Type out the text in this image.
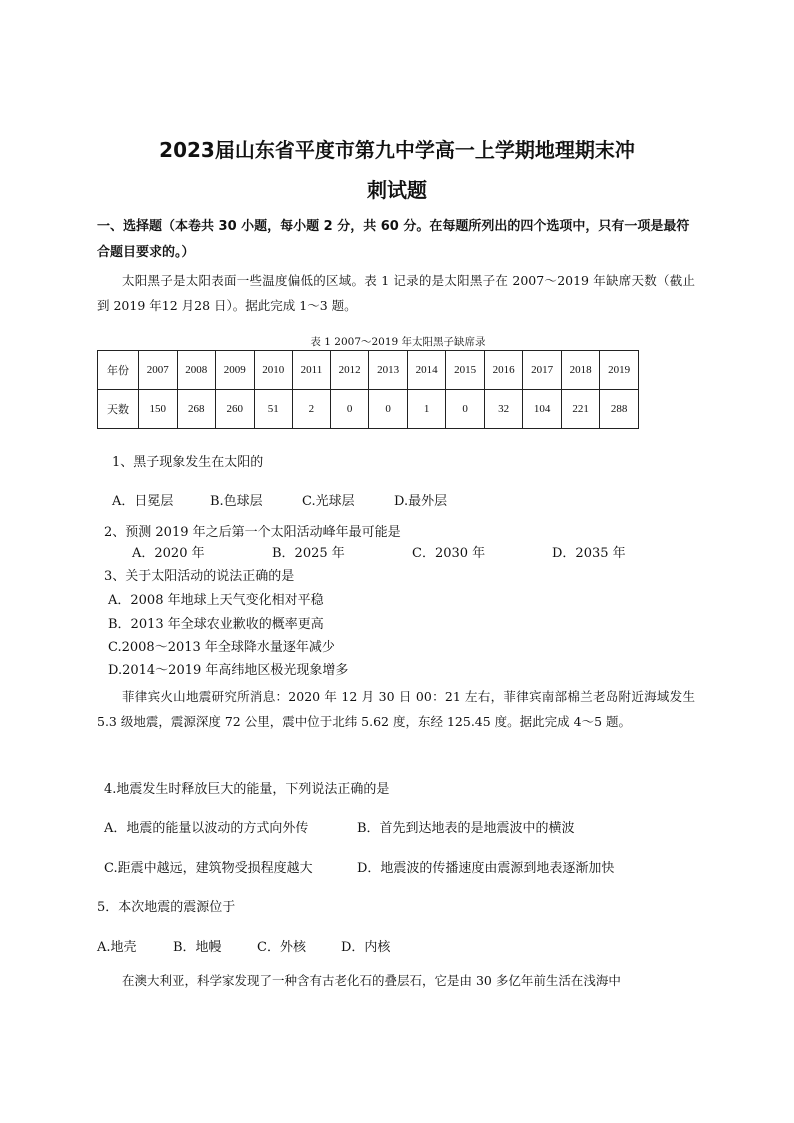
2023届山东省平度市第九中学高一上学期地理期末冲
刺试题
一、选择题（本卷共 30 小题，每小题 2 分，共 60 分。在每题所列出的四个选项中，只有一项是最符合题目要求的。）
太阳黑子是太阳表面一些温度偏低的区域。表 1 记录的是太阳黑子在 2007～2019 年缺席天数（截止到 2019 年12 月28 日）。据此完成 1～3 题。
表 1 2007～2019 年太阳黑子缺席录
年份	2007	2008	2009	2010	2011	2012	2013	2014	2015	2016	2017	2018	2019
天数	150	268	260	51	2	0	0	1	0	32	104	221	288
1、黑子现象发生在太阳的
A．日冕层	B.色球层	C.光球层	D.最外层
2、预测 2019 年之后第一个太阳活动峰年最可能是
A．2020 年	B．2025 年	C．2030 年	D．2035 年
3、关于太阳活动的说法正确的是
A．2008 年地球上天气变化相对平稳
B．2013 年全球农业歉收的概率更高
C.2008～2013 年全球降水量逐年减少
D.2014～2019 年高纬地区极光现象增多
菲律宾火山地震研究所消息：2020 年 12 月 30 日 00：21 左右，菲律宾南部棉兰老岛附近海域发生 5.3 级地震，震源深度 72 公里，震中位于北纬 5.62 度，东经 125.45 度。据此完成 4～5 题。
4.地震发生时释放巨大的能量，下列说法正确的是
A．地震的能量以波动的方式向外传	B．首先到达地表的是地震波中的横波
C.距震中越远，建筑物受损程度越大	D．地震波的传播速度由震源到地表逐渐加快
5．本次地震的震源位于
A.地壳	B．地幔	C．外核	D．内核
在澳大利亚，科学家发现了一种含有古老化石的叠层石，它是由 30 多亿年前生活在浅海中
